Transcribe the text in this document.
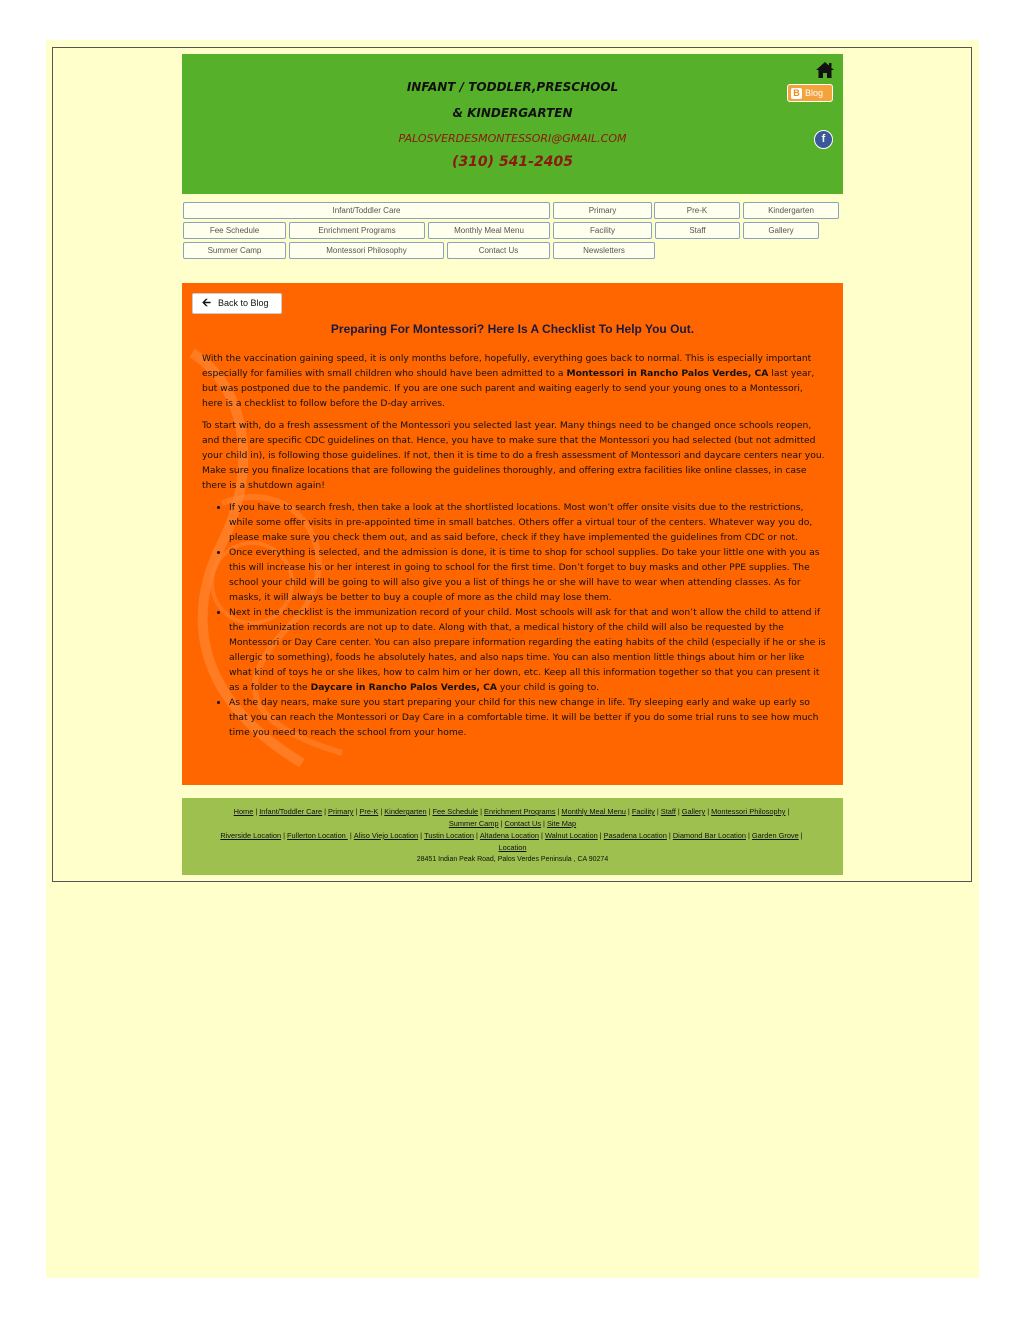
INFANT / TODDLER,PRESCHOOL
& KINDERGARTEN
PALOSVERDESMONTESSORI@GMAIL.COM
(310) 541-2405
B Blog
f
Infant/Toddler Care	Primary	Pre-K	Kindergarten
Fee Schedule	Enrichment Programs	Monthly Meal Menu	Facility	Staff	Gallery
Summer Camp	Montessori Philosophy	Contact Us	Newsletters
🡨 Back to Blog
Preparing For Montessori? Here Is A Checklist To Help You Out.

With the vaccination gaining speed, it is only months before, hopefully, everything goes back to normal. This is especially important especially for families with small children who should have been admitted to a Montessori in Rancho Palos Verdes, CA last year, but was postponed due to the pandemic. If you are one such parent and waiting eagerly to send your young ones to a Montessori, here is a checklist to follow before the D-day arrives.

To start with, do a fresh assessment of the Montessori you selected last year. Many things need to be changed once schools reopen, and there are specific CDC guidelines on that. Hence, you have to make sure that the Montessori you had selected (but not admitted your child in), is following those guidelines. If not, then it is time to do a fresh assessment of Montessori and daycare centers near you. Make sure you finalize locations that are following the guidelines thoroughly, and offering extra facilities like online classes, in case there is a shutdown again!

• If you have to search fresh, then take a look at the shortlisted locations. Most won’t offer onsite visits due to the restrictions, while some offer visits in pre-appointed time in small batches. Others offer a virtual tour of the centers. Whatever way you do, please make sure you check them out, and as said before, check if they have implemented the guidelines from CDC or not.
• Once everything is selected, and the admission is done, it is time to shop for school supplies. Do take your little one with you as this will increase his or her interest in going to school for the first time. Don’t forget to buy masks and other PPE supplies. The school your child will be going to will also give you a list of things he or she will have to wear when attending classes. As for masks, it will always be better to buy a couple of more as the child may lose them.
• Next in the checklist is the immunization record of your child. Most schools will ask for that and won’t allow the child to attend if the immunization records are not up to date. Along with that, a medical history of the child will also be requested by the Montessori or Day Care center. You can also prepare information regarding the eating habits of the child (especially if he or she is allergic to something), foods he absolutely hates, and also naps time. You can also mention little things about him or her like what kind of toys he or she likes, how to calm him or her down, etc. Keep all this information together so that you can present it as a folder to the Daycare in Rancho Palos Verdes, CA your child is going to.
• As the day nears, make sure you start preparing your child for this new change in life. Try sleeping early and wake up early so that you can reach the Montessori or Day Care in a comfortable time. It will be better if you do some trial runs to see how much time you need to reach the school from your home.
Home | Infant/Toddler Care | Primary | Pre-K | Kindergarten | Fee Schedule | Enrichment Programs | Monthly Meal Menu | Facility | Staff | Gallery | Montessori Philosophy |
Summer Camp | Contact Us | Site Map
Riverside Location | Fullerton Location | Aliso Viejo Location | Tustin Location | Altadena Location | Walnut Location | Pasadena Location | Diamond Bar Location | Garden Grove |
Location
28451 Indian Peak Road, Palos Verdes Peninsula , CA 90274
